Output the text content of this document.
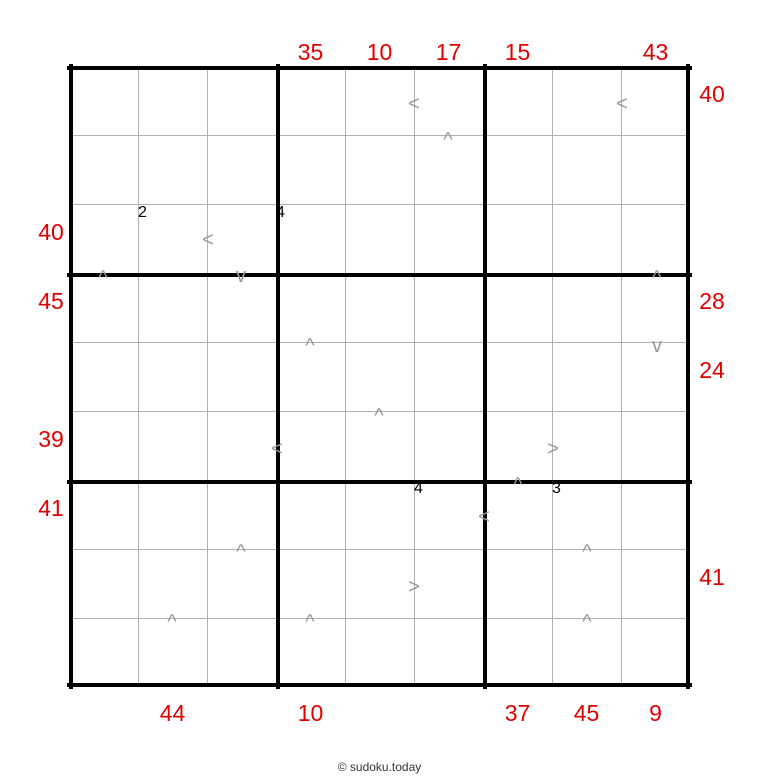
2	4
4	3
35	10	17	15	43
44	10	37	45	9
40
45
39
41
40
28
24
41
<	<
^
<
v
^	^
^	v
^
<	>
^
<
^	^
>
^	^	^
© sudoku.today
